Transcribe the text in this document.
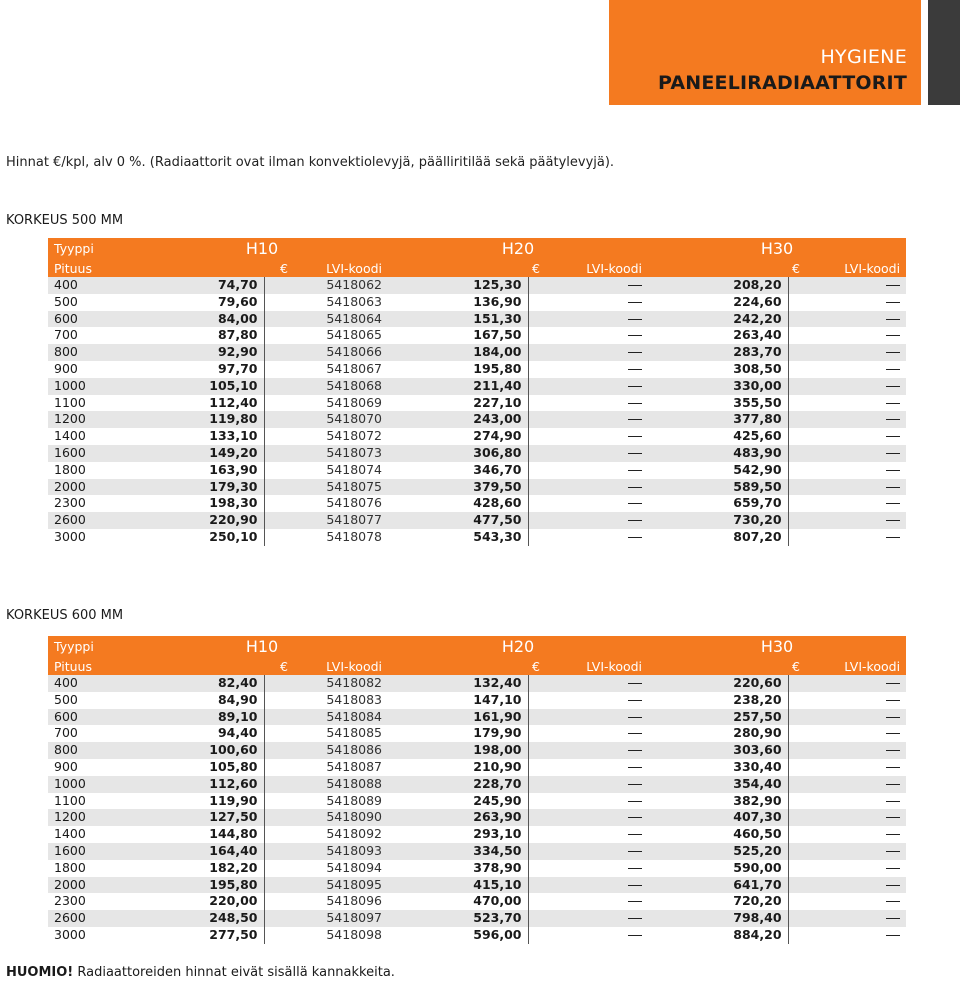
HYGIENE
PANEELIRADIAATTORIT
Hinnat €/kpl, alv 0 %. (Radiaattorit ovat ilman konvektiolevyjä, päälliritilää sekä päätylevyjä).
KORKEUS 500 MM
Tyyppi	H10		H20		H30	
Pituus	€	LVI-koodi	€	LVI-koodi	€	LVI-koodi
400	74,70	5418062	125,30		208,20	
500	79,60	5418063	136,90		224,60	
600	84,00	5418064	151,30		242,20	
700	87,80	5418065	167,50		263,40	
800	92,90	5418066	184,00		283,70	
900	97,70	5418067	195,80		308,50	
1000	105,10	5418068	211,40		330,00	
1100	112,40	5418069	227,10		355,50	
1200	119,80	5418070	243,00		377,80	
1400	133,10	5418072	274,90		425,60	
1600	149,20	5418073	306,80		483,90	
1800	163,90	5418074	346,70		542,90	
2000	179,30	5418075	379,50		589,50	
2300	198,30	5418076	428,60		659,70	
2600	220,90	5418077	477,50		730,20	
3000	250,10	5418078	543,30		807,20	
KORKEUS 600 MM
Tyyppi	H10		H20		H30	
Pituus	€	LVI-koodi	€	LVI-koodi	€	LVI-koodi
400	82,40	5418082	132,40		220,60	
500	84,90	5418083	147,10		238,20	
600	89,10	5418084	161,90		257,50	
700	94,40	5418085	179,90		280,90	
800	100,60	5418086	198,00		303,60	
900	105,80	5418087	210,90		330,40	
1000	112,60	5418088	228,70		354,40	
1100	119,90	5418089	245,90		382,90	
1200	127,50	5418090	263,90		407,30	
1400	144,80	5418092	293,10		460,50	
1600	164,40	5418093	334,50		525,20	
1800	182,20	5418094	378,90		590,00	
2000	195,80	5418095	415,10		641,70	
2300	220,00	5418096	470,00		720,20	
2600	248,50	5418097	523,70		798,40	
3000	277,50	5418098	596,00		884,20	
HUOMIO! Radiaattoreiden hinnat eivät sisällä kannakkeita.
